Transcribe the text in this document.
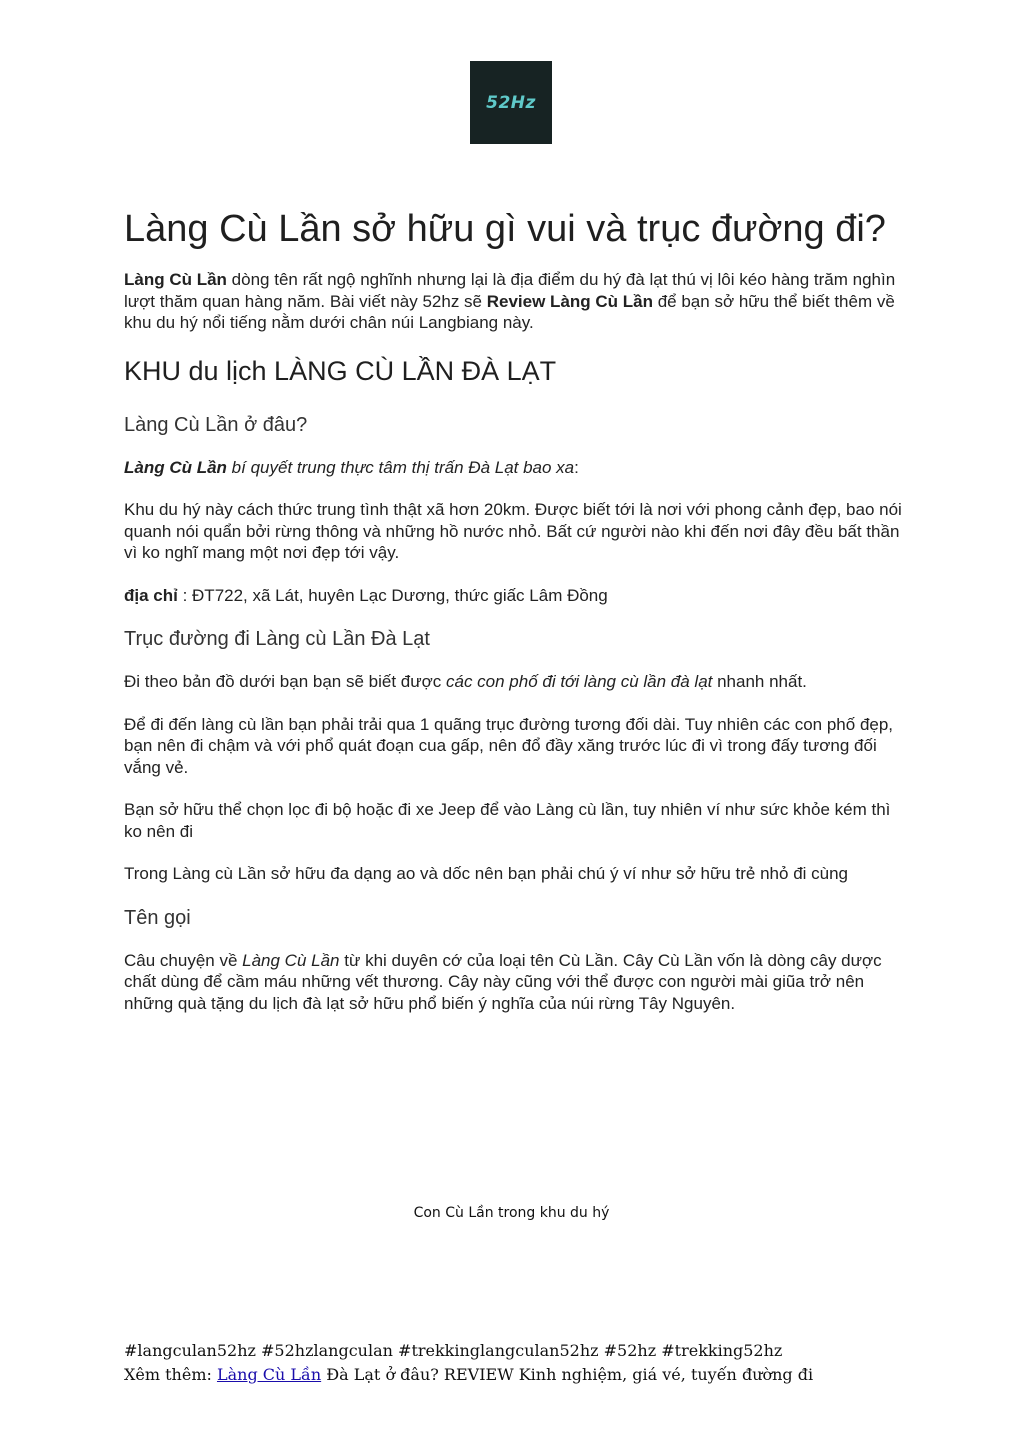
52Hz
Làng Cù Lần sở hữu gì vui và trục đường đi?

Làng Cù Lần dòng tên rất ngộ nghĩnh nhưng lại là địa điểm du hý đà lạt thú vị lôi kéo hàng trăm nghìn lượt thăm quan hàng năm. Bài viết này 52hz sẽ Review Làng Cù Lần để bạn sở hữu thể biết thêm về khu du hý nổi tiếng nằm dưới chân núi Langbiang này.

KHU du lịch LÀNG CÙ LẦN ĐÀ LẠT
Làng Cù Lần ở đâu?

Làng Cù Lần bí quyết trung thực tâm thị trấn Đà Lạt bao xa:

Khu du hý này cách thức trung tình thật xã hơn 20km. Được biết tới là nơi với phong cảnh đẹp, bao nói quanh nói quẩn bởi rừng thông và những hồ nước nhỏ. Bất cứ người nào khi đến nơi đây đều bất thần vì ko nghĩ mang một nơi đẹp tới vậy.

địa chỉ : ĐT722, xã Lát, huyên Lạc Dương, thức giấc Lâm Đồng

Trục đường đi Làng cù Lần Đà Lạt

Đi theo bản đồ dưới bạn bạn sẽ biết được các con phố đi tới làng cù lần đà lạt nhanh nhất.

Để đi đến làng cù lần bạn phải trải qua 1 quãng trục đường tương đối dài. Tuy nhiên các con phố đẹp, bạn nên đi chậm và với phổ quát đoạn cua gấp, nên đổ đầy xăng trước lúc đi vì trong đấy tương đối vắng vẻ.

Bạn sở hữu thể chọn lọc đi bộ hoặc đi xe Jeep để vào Làng cù lần, tuy nhiên ví như sức khỏe kém thì ko nên đi

Trong Làng cù Lần sở hữu đa dạng ao và dốc nên bạn phải chú ý ví như sở hữu trẻ nhỏ đi cùng

Tên gọi

Câu chuyện về Làng Cù Lần từ khi duyên cớ của loại tên Cù Lần. Cây Cù Lần vốn là dòng cây dược chất dùng để cầm máu những vết thương. Cây này cũng với thể được con người mài giũa trở nên những quà tặng du lịch đà lạt sở hữu phổ biến ý nghĩa của núi rừng Tây Nguyên.

Con Cù Lần trong khu du hý
#langculan52hz #52hzlangculan #trekkinglangculan52hz #52hz #trekking52hz
Xêm thêm: Làng Cù Lần Đà Lạt ở đâu? REVIEW Kinh nghiệm, giá vé, tuyến đường đi
